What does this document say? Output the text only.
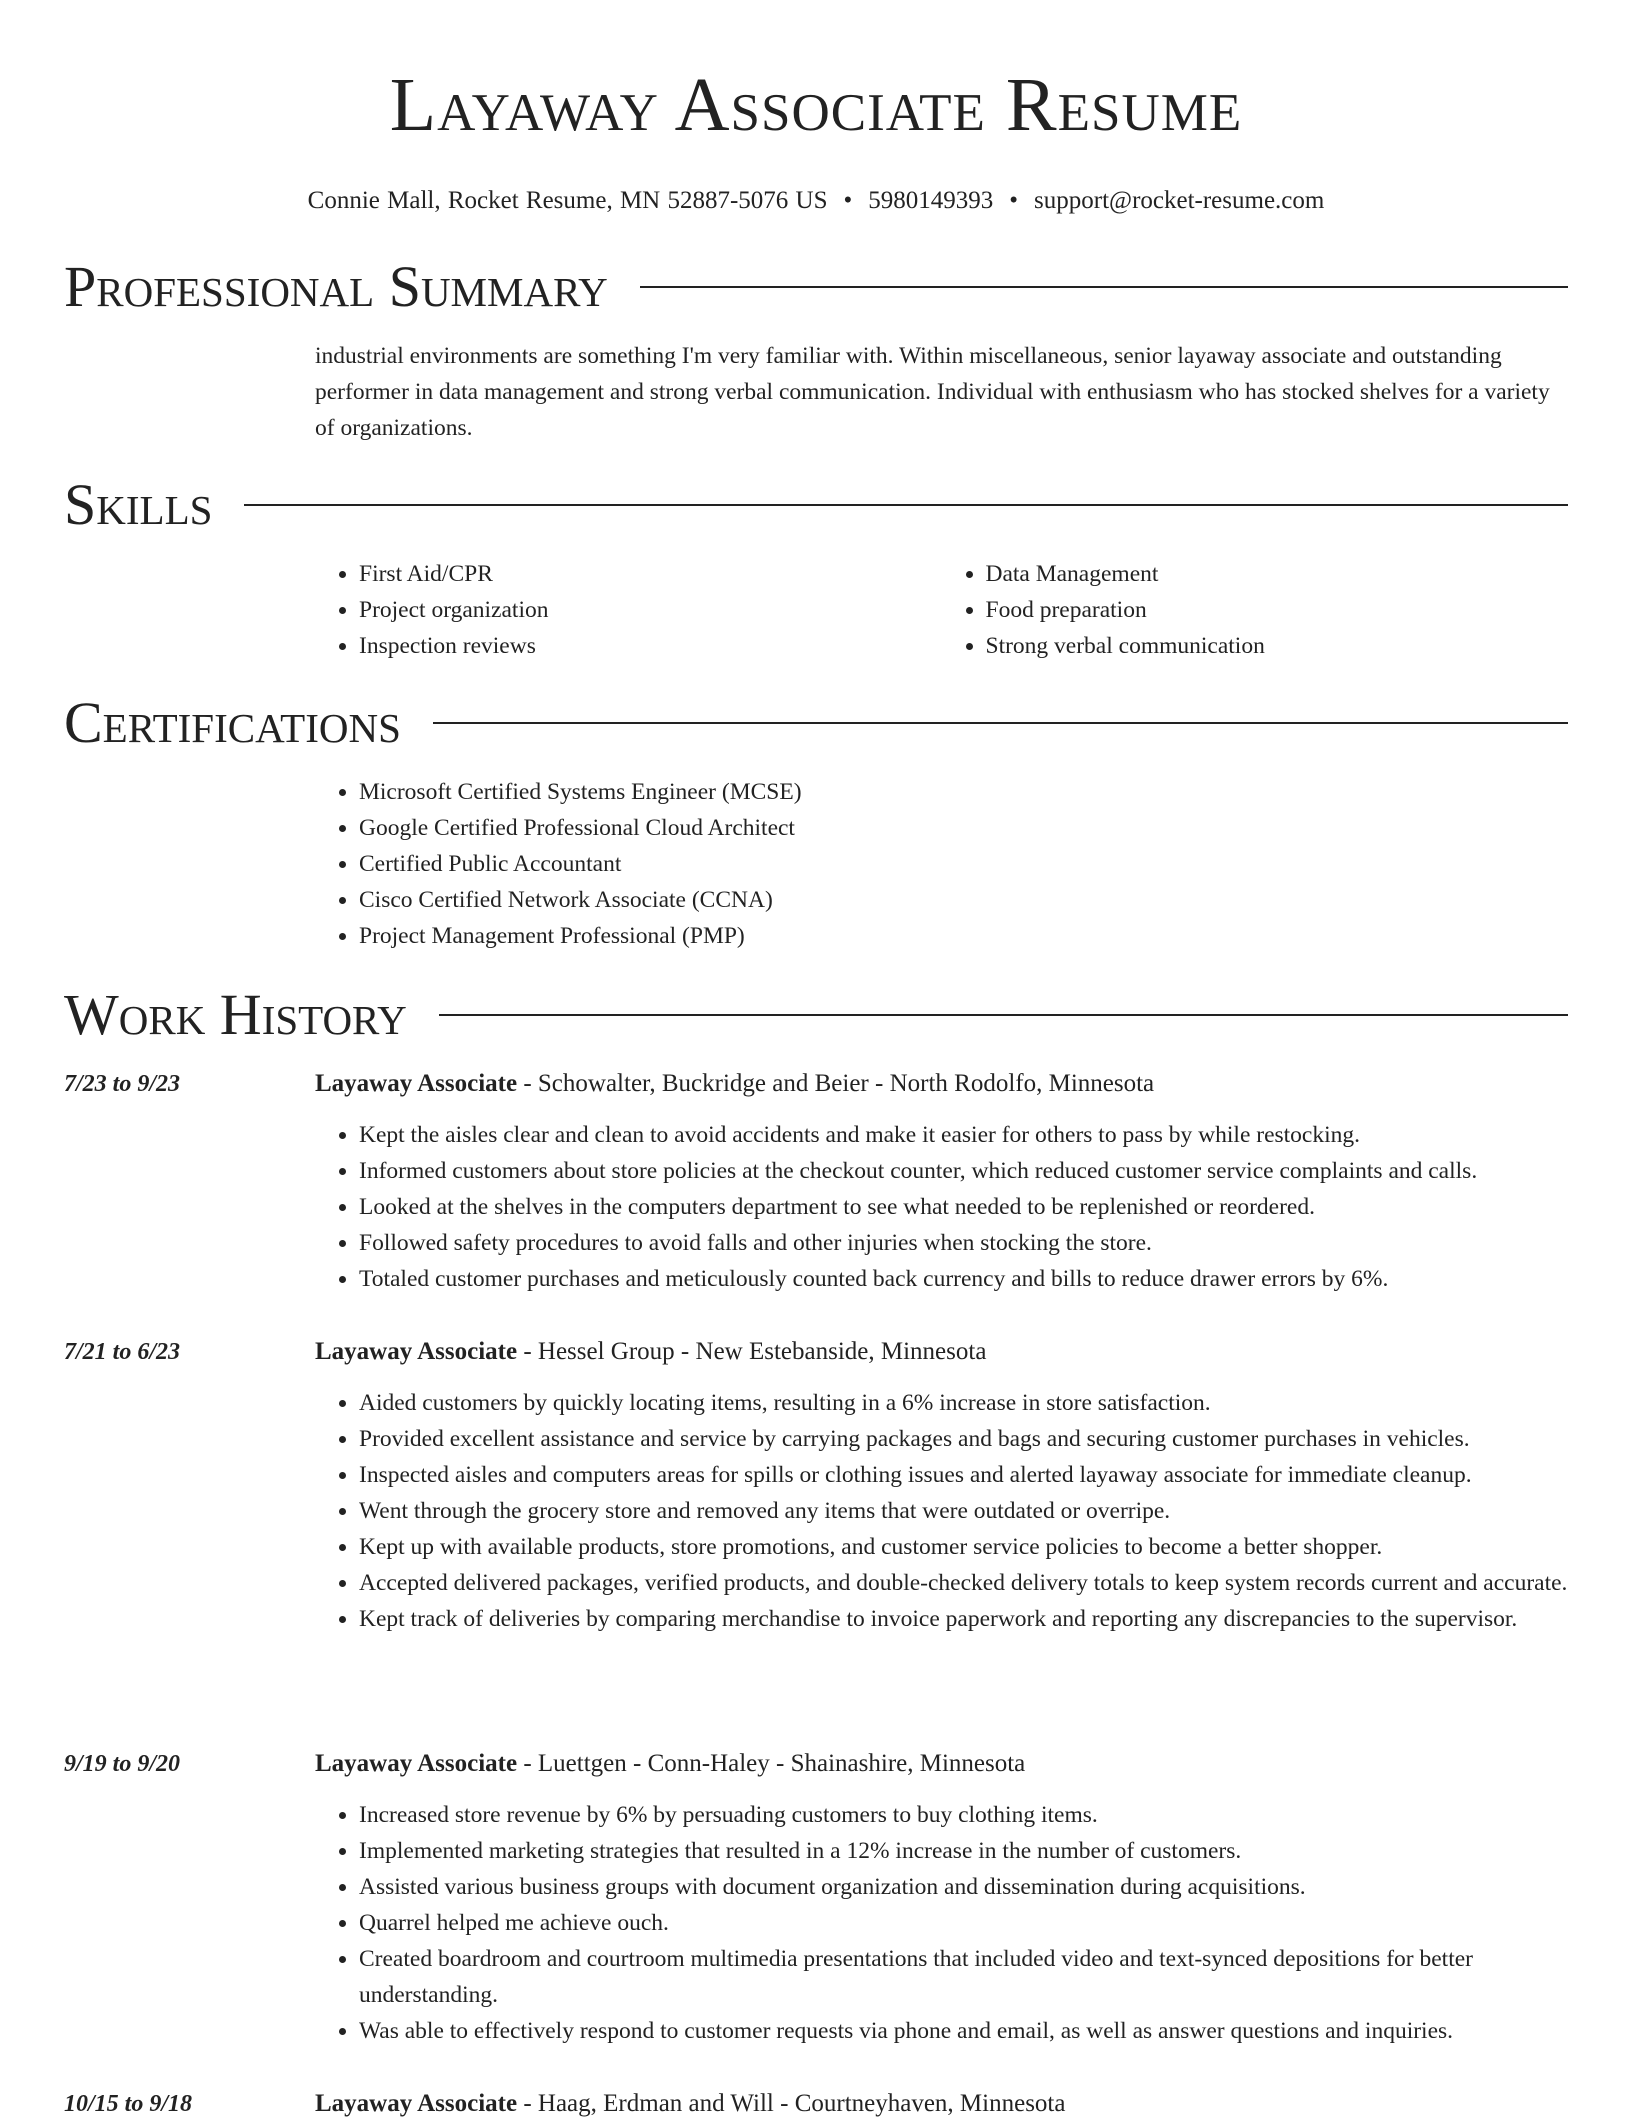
Layaway Associate Resume
Connie Mall, Rocket Resume, MN 52887-5076 US • 5980149393 • support@rocket-resume.com
Professional Summary

industrial environments are something I'm very familiar with. Within miscellaneous, senior layaway associate and outstanding performer in data management and strong verbal communication. Individual with enthusiasm who has stocked shelves for a variety of organizations.

Skills
• First Aid/CPR
• Project organization
• Inspection reviews
• Data Management
• Food preparation
• Strong verbal communication
Certifications
• Microsoft Certified Systems Engineer (MCSE)
• Google Certified Professional Cloud Architect
• Certified Public Accountant
• Cisco Certified Network Associate (CCNA)
• Project Management Professional (PMP)
Work History
7/23 to 9/23	Layaway Associate - Schowalter, Buckridge and Beier - North Rodolfo, Minnesota
• Kept the aisles clear and clean to avoid accidents and make it easier for others to pass by while restocking.
• Informed customers about store policies at the checkout counter, which reduced customer service complaints and calls.
• Looked at the shelves in the computers department to see what needed to be replenished or reordered.
• Followed safety procedures to avoid falls and other injuries when stocking the store.
• Totaled customer purchases and meticulously counted back currency and bills to reduce drawer errors by 6%.
7/21 to 6/23	Layaway Associate - Hessel Group - New Estebanside, Minnesota
• Aided customers by quickly locating items, resulting in a 6% increase in store satisfaction.
• Provided excellent assistance and service by carrying packages and bags and securing customer purchases in vehicles.
• Inspected aisles and computers areas for spills or clothing issues and alerted layaway associate for immediate cleanup.
• Went through the grocery store and removed any items that were outdated or overripe.
• Kept up with available products, store promotions, and customer service policies to become a better shopper.
• Accepted delivered packages, verified products, and double-checked delivery totals to keep system records current and accurate.
• Kept track of deliveries by comparing merchandise to invoice paperwork and reporting any discrepancies to the supervisor.
9/19 to 9/20	Layaway Associate - Luettgen - Conn-Haley - Shainashire, Minnesota
• Increased store revenue by 6% by persuading customers to buy clothing items.
• Implemented marketing strategies that resulted in a 12% increase in the number of customers.
• Assisted various business groups with document organization and dissemination during acquisitions.
• Quarrel helped me achieve ouch.
• Created boardroom and courtroom multimedia presentations that included video and text-synced depositions for better understanding.
• Was able to effectively respond to customer requests via phone and email, as well as answer questions and inquiries.
10/15 to 9/18	Layaway Associate - Haag, Erdman and Will - Courtneyhaven, Minnesota
